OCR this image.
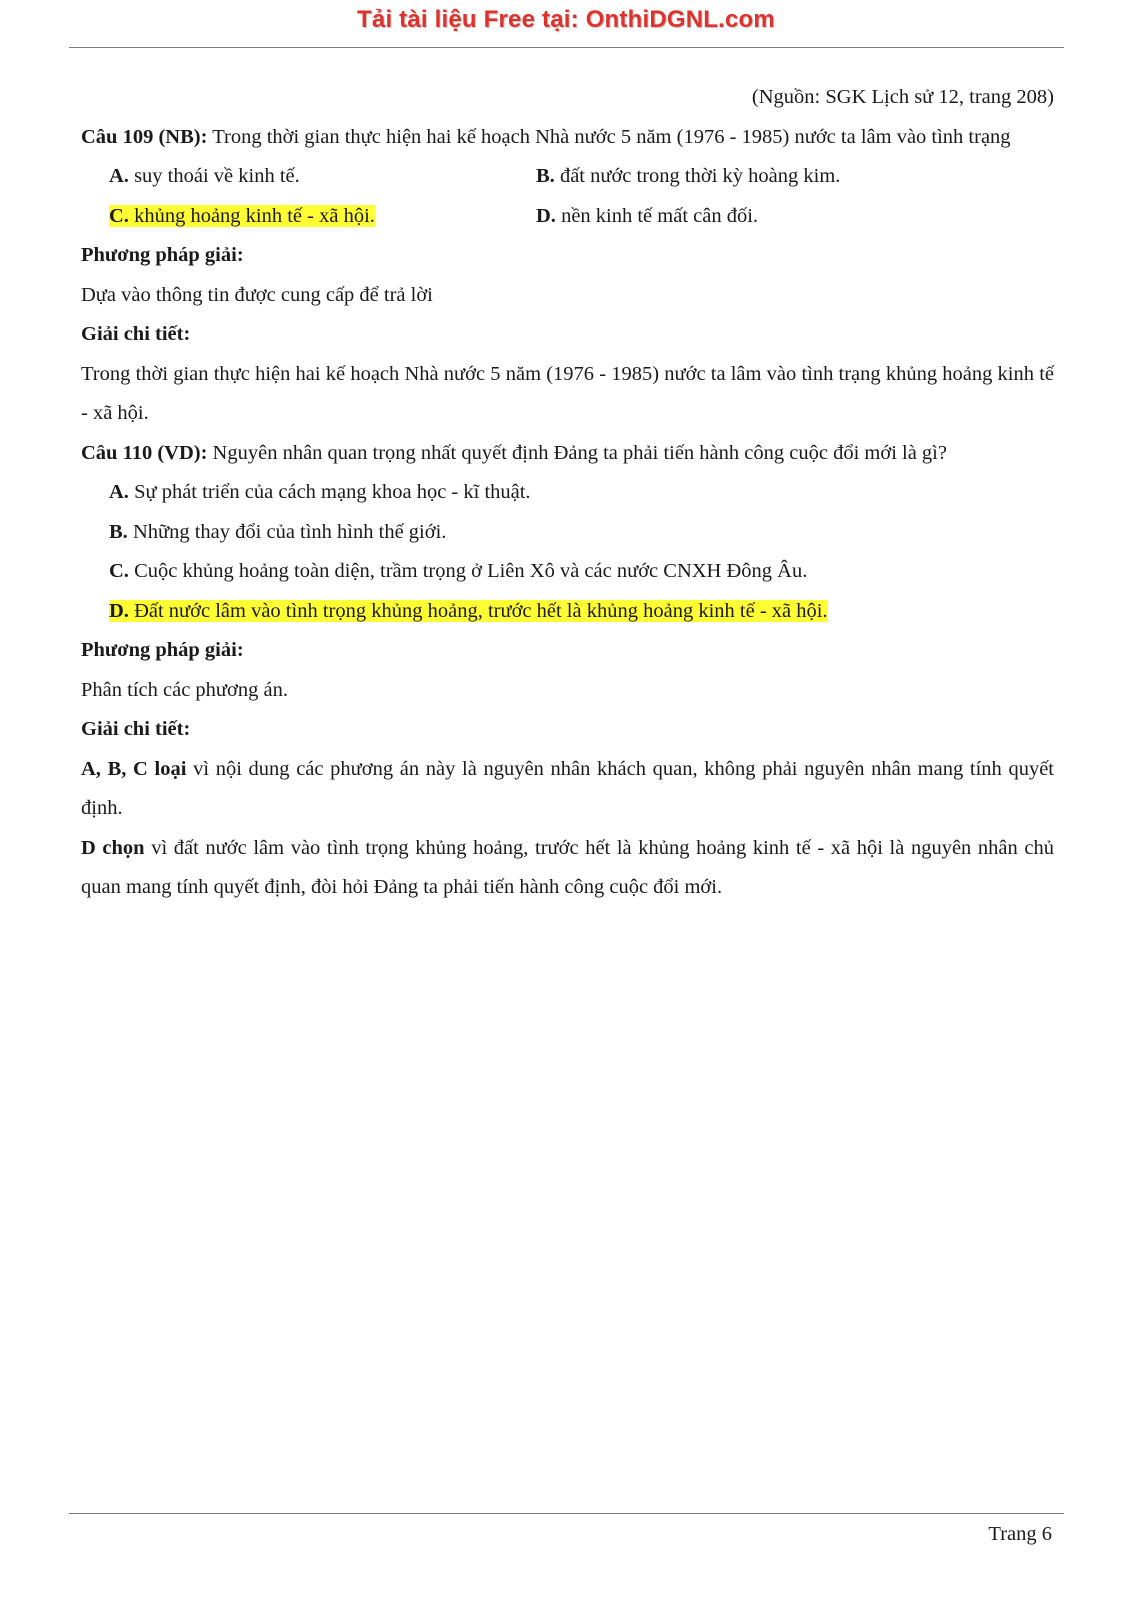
Tải tài liệu Free tại: OnthiDGNL.com

(Nguồn: SGK Lịch sử 12, trang 208)

Câu 109 (NB): Trong thời gian thực hiện hai kế hoạch Nhà nước 5 năm (1976 - 1985) nước ta lâm vào tình trạng

A. suy thoái về kinh tế.	B. đất nước trong thời kỳ hoàng kim.
C. khủng hoảng kinh tế - xã hội.	D. nền kinh tế mất cân đối.

Phương pháp giải:

Dựa vào thông tin được cung cấp để trả lời

Giải chi tiết:

Trong thời gian thực hiện hai kế hoạch Nhà nước 5 năm (1976 - 1985) nước ta lâm vào tình trạng khủng hoảng kinh tế - xã hội.

Câu 110 (VD): Nguyên nhân quan trọng nhất quyết định Đảng ta phải tiến hành công cuộc đổi mới là gì?

A. Sự phát triển của cách mạng khoa học - kĩ thuật.

B. Những thay đổi của tình hình thế giới.

C. Cuộc khủng hoảng toàn diện, trầm trọng ở Liên Xô và các nước CNXH Đông Âu.

D. Đất nước lâm vào tình trọng khủng hoảng, trước hết là khủng hoảng kinh tế - xã hội.

Phương pháp giải:

Phân tích các phương án.

Giải chi tiết:

A, B, C loại vì nội dung các phương án này là nguyên nhân khách quan, không phải nguyên nhân mang tính quyết định.

D chọn vì đất nước lâm vào tình trọng khủng hoảng, trước hết là khủng hoảng kinh tế - xã hội là nguyên nhân chủ quan mang tính quyết định, đòi hỏi Đảng ta phải tiến hành công cuộc đổi mới.

Trang 6
